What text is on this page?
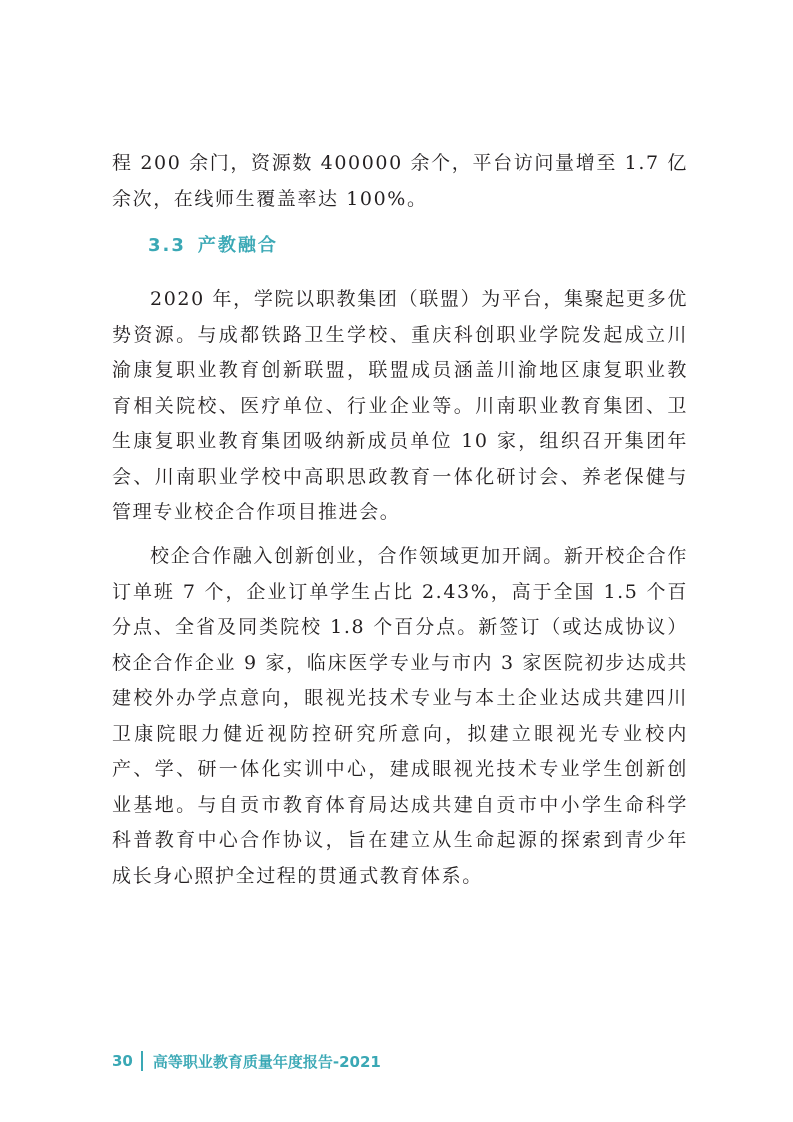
程 200 余门，资源数 400000 余个，平台访问量增至 1.7 亿余次，在线师生覆盖率达 100%。

3.3 产教融合

2020 年，学院以职教集团（联盟）为平台，集聚起更多优势资源。与成都铁路卫生学校、重庆科创职业学院发起成立川渝康复职业教育创新联盟，联盟成员涵盖川渝地区康复职业教育相关院校、医疗单位、行业企业等。川南职业教育集团、卫生康复职业教育集团吸纳新成员单位 10 家，组织召开集团年会、川南职业学校中高职思政教育一体化研讨会、养老保健与管理专业校企合作项目推进会。

校企合作融入创新创业，合作领域更加开阔。新开校企合作订单班 7 个，企业订单学生占比 2.43%，高于全国 1.5 个百分点、全省及同类院校 1.8 个百分点。新签订（或达成协议）校企合作企业 9 家，临床医学专业与市内 3 家医院初步达成共建校外办学点意向，眼视光技术专业与本土企业达成共建四川卫康院眼力健近视防控研究所意向，拟建立眼视光专业校内产、学、研一体化实训中心，建成眼视光技术专业学生创新创业基地。与自贡市教育体育局达成共建自贡市中小学生命科学科普教育中心合作协议，旨在建立从生命起源的探索到青少年成长身心照护全过程的贯通式教育体系。

30 高等职业教育质量年度报告-2021
